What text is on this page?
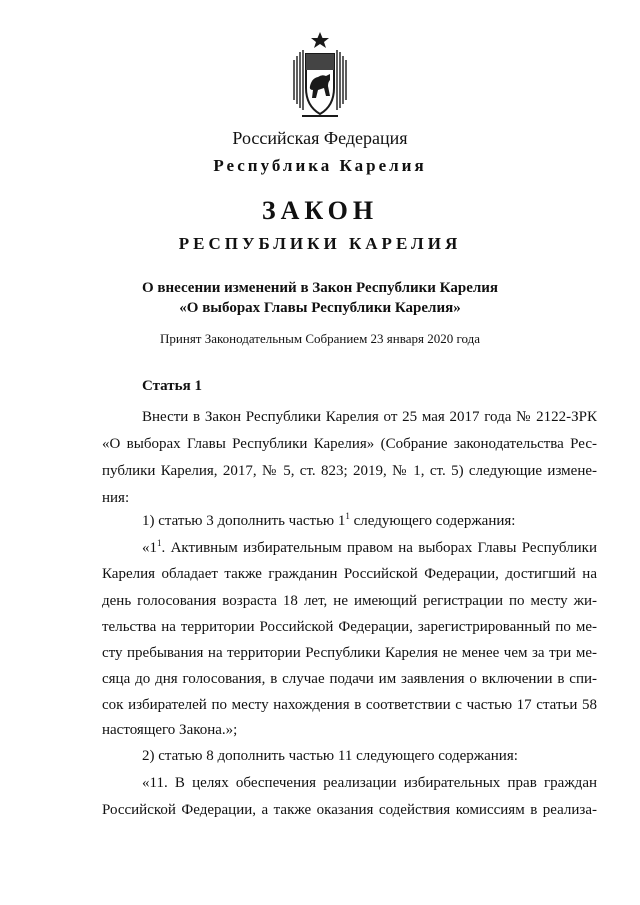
Российская Федерация
Республика Карелия
ЗАКОН
РЕСПУБЛИКИ КАРЕЛИЯ
О внесении изменений в Закон Республики Карелия
«О выборах Главы Республики Карелия»
Принят Законодательным Собранием 23 января 2020 года
Статья 1
Внести в Закон Республики Карелия от 25 мая 2017 года № 2122-ЗРК
«О выборах Главы Республики Карелия» (Собрание законодательства Рес-
публики Карелия, 2017, № 5, ст. 823; 2019, № 1, ст. 5) следующие измене-
ния:
1) статью 3 дополнить частью $1^1$ следующего содержания:
«$1^1$. Активным избирательным правом на выборах Главы Республики
Карелия обладает также гражданин Российской Федерации, достигший на
день голосования возраста 18 лет, не имеющий регистрации по месту жи-
тельства на территории Российской Федерации, зарегистрированный по ме-
сту пребывания на территории Республики Карелия не менее чем за три ме-
сяца до дня голосования, в случае подачи им заявления о включении в спи-
сок избирателей по месту нахождения в соответствии с частью 17 статьи 58
настоящего Закона.»;
2) статью 8 дополнить частью 11 следующего содержания:
«11. В целях обеспечения реализации избирательных прав граждан
Российской Федерации, а также оказания содействия комиссиям в реализа-
